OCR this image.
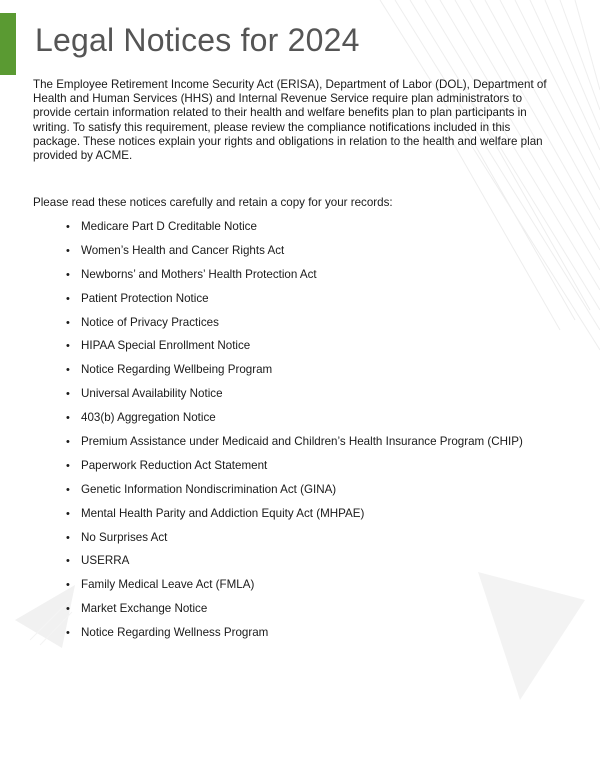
Legal Notices for 2024

The Employee Retirement Income Security Act (ERISA), Department of Labor (DOL), Department of Health and Human Services (HHS) and Internal Revenue Service require plan administrators to provide certain information related to their health and welfare benefits plan to plan participants in writing. To satisfy this requirement, please review the compliance notifications included in this package. These notices explain your rights and obligations in relation to the health and welfare plan provided by ACME.

Please read these notices carefully and retain a copy for your records:

• Medicare Part D Creditable Notice
• Women’s Health and Cancer Rights Act
• Newborns’ and Mothers’ Health Protection Act
• Patient Protection Notice
• Notice of Privacy Practices
• HIPAA Special Enrollment Notice
• Notice Regarding Wellbeing Program
• Universal Availability Notice
• 403(b) Aggregation Notice
• Premium Assistance under Medicaid and Children’s Health Insurance Program (CHIP)
• Paperwork Reduction Act Statement
• Genetic Information Nondiscrimination Act (GINA)
• Mental Health Parity and Addiction Equity Act (MHPAE)
• No Surprises Act
• USERRA
• Family Medical Leave Act (FMLA)
• Market Exchange Notice
• Notice Regarding Wellness Program
